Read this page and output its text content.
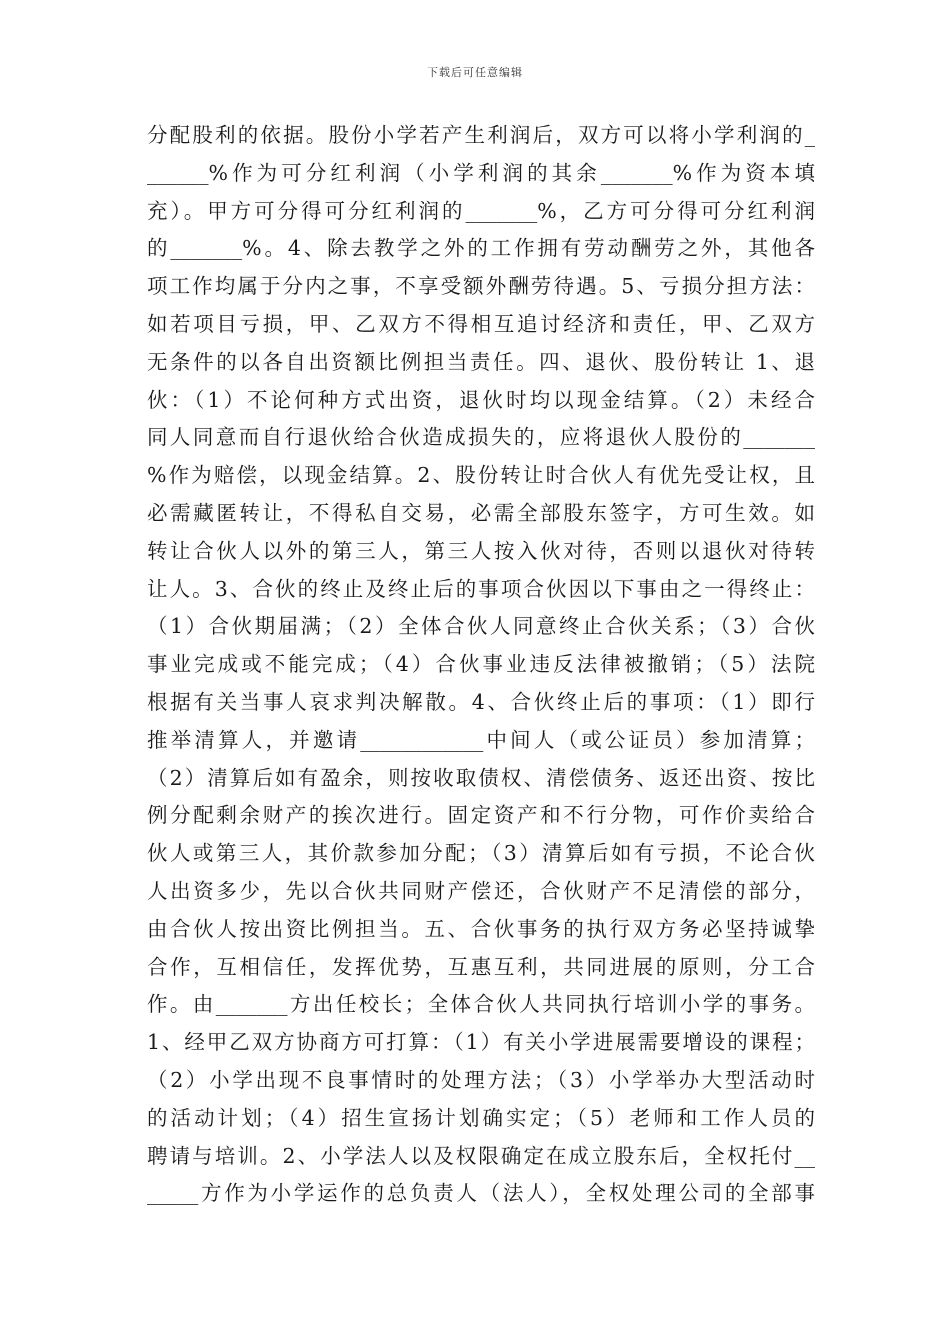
下载后可任意编辑
分配股利的依据。股份小学若产生利润后，双方可以将小学利润的_
______%作为可分红利润（小学利润的其余_______%作为资本填
充）。甲方可分得可分红利润的_______%，乙方可分得可分红利润
的_______%。4、除去教学之外的工作拥有劳动酬劳之外，其他各
项工作均属于分内之事，不享受额外酬劳待遇。5、亏损分担方法：
如若项目亏损，甲、乙双方不得相互追讨经济和责任，甲、乙双方
无条件的以各自出资额比例担当责任。四、退伙、股份转让 1、退
伙：（1）不论何种方式出资，退伙时均以现金结算。（2）未经合
同人同意而自行退伙给合伙造成损失的，应将退伙人股份的_______
%作为赔偿，以现金结算。2、股份转让时合伙人有优先受让权，且
必需藏匿转让，不得私自交易，必需全部股东签字，方可生效。如
转让合伙人以外的第三人，第三人按入伙对待，否则以退伙对待转
让人。3、合伙的终止及终止后的事项合伙因以下事由之一得终止：
（1）合伙期届满；（2）全体合伙人同意终止合伙关系；（3）合伙
事业完成或不能完成；（4）合伙事业违反法律被撤销；（5）法院
根据有关当事人哀求判决解散。4、合伙终止后的事项：（1）即行
推举清算人，并邀请____________中间人（或公证员）参加清算；
（2）清算后如有盈余，则按收取债权、清偿债务、返还出资、按比
例分配剩余财产的挨次进行。固定资产和不行分物，可作价卖给合
伙人或第三人，其价款参加分配；（3）清算后如有亏损，不论合伙
人出资多少，先以合伙共同财产偿还，合伙财产不足清偿的部分，
由合伙人按出资比例担当。五、合伙事务的执行双方务必坚持诚挚
合作，互相信任，发挥优势，互惠互利，共同进展的原则，分工合
作。由_______方出任校长；全体合伙人共同执行培训小学的事务。
1、经甲乙双方协商方可打算：（1）有关小学进展需要增设的课程；
（2）小学出现不良事情时的处理方法；（3）小学举办大型活动时
的活动计划；（4）招生宣扬计划确实定；（5）老师和工作人员的
聘请与培训。2、小学法人以及权限确定在成立股东后，全权托付__
_____方作为小学运作的总负责人（法人），全权处理公司的全部事
